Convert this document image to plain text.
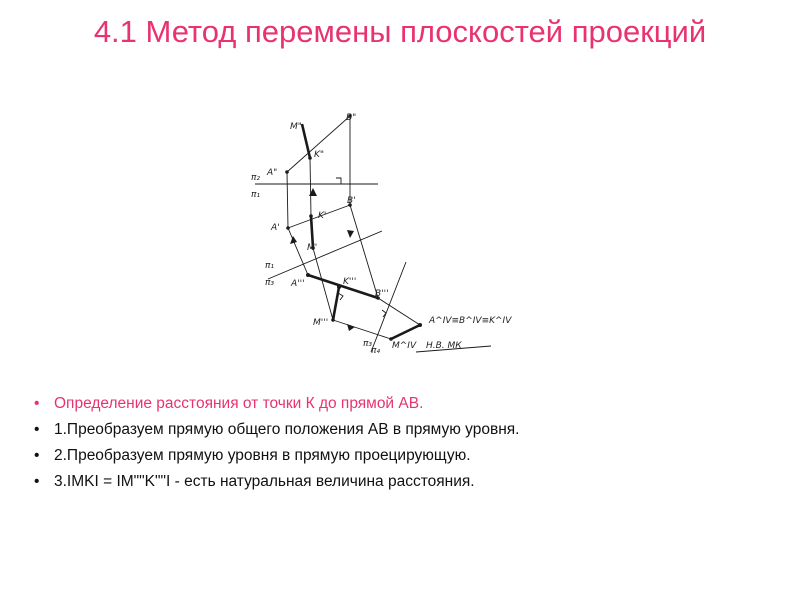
4.1 Метод перемены плоскостей проекций
M"
B"
K"
A"
π₂
π₁
B'
K'
A'
M'
π₁
π₃	K'''
A'''
B'''
M'''	A^IV≡B^IV≡K^IV
π₃
π₄ M^IV Н.В. МК
• Определение расстояния от точки К до прямой АВ.
• 1.Преобразуем прямую общего положения АВ в прямую уровня.
• 2.Преобразуем прямую уровня в прямую проецирующую.
• 3.IMKI = IM""K""I - есть натуральная величина расстояния.
